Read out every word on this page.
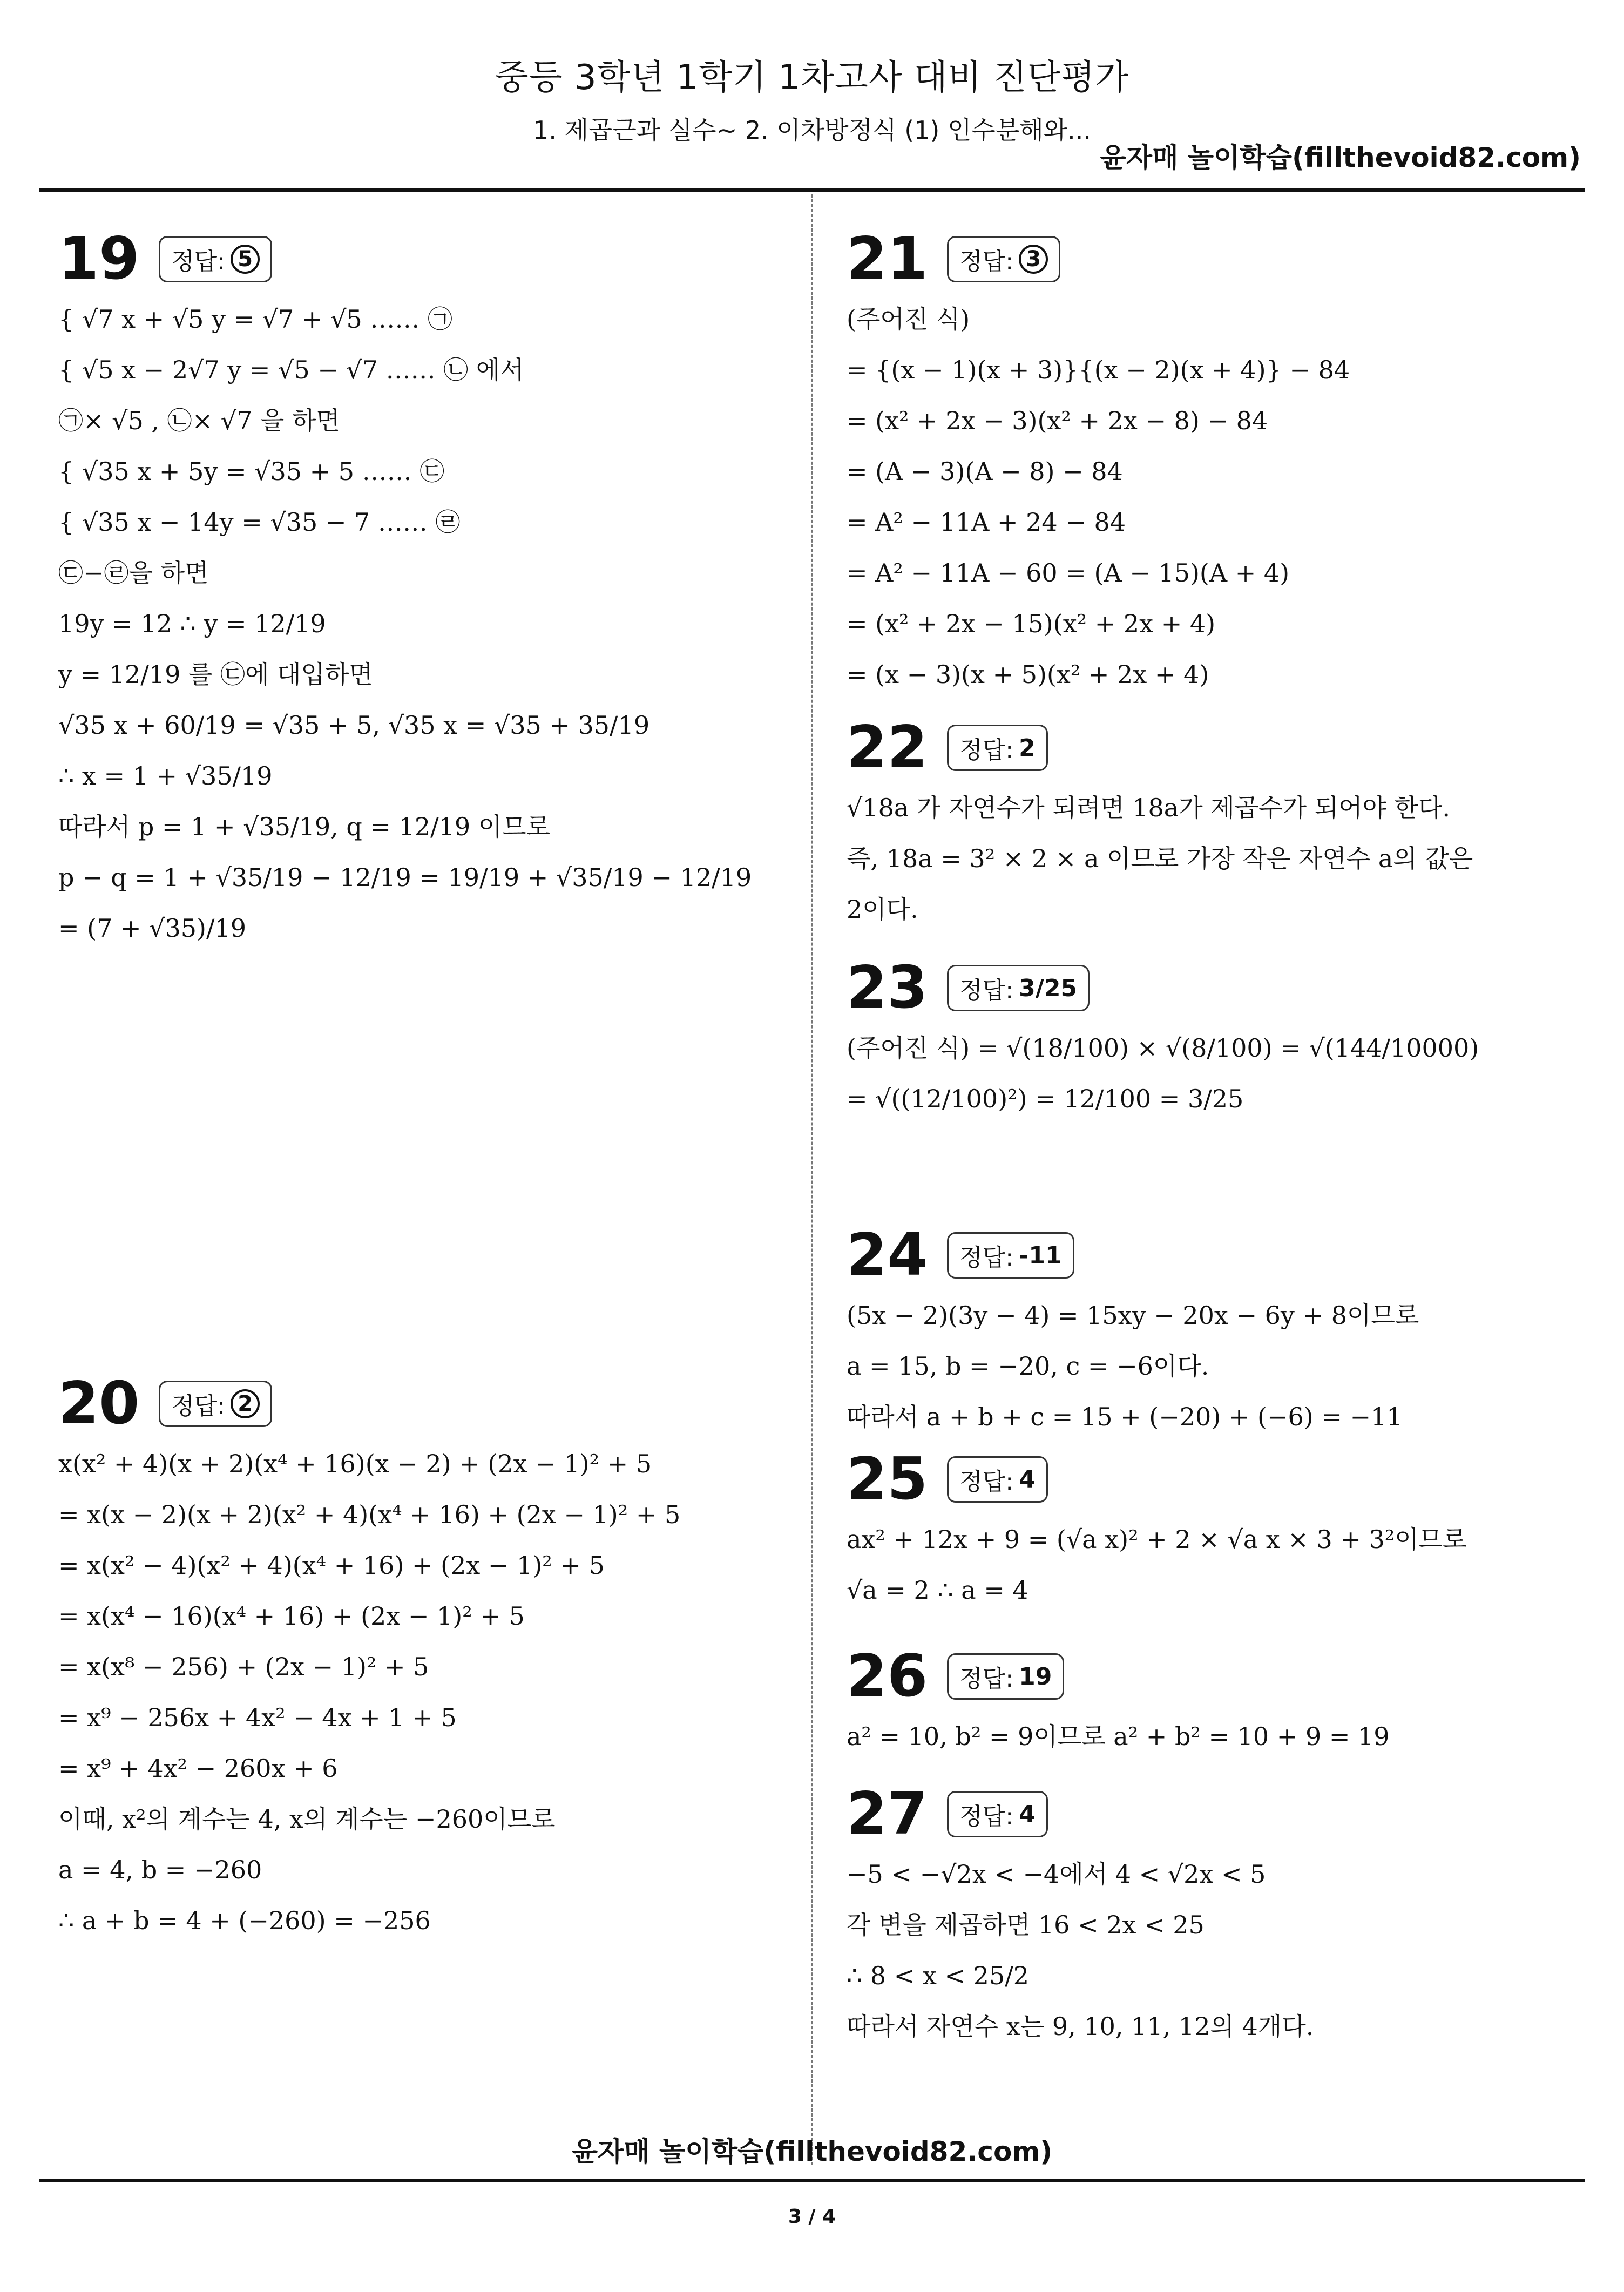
중등 3학년 1학기 1차고사 대비 진단평가
1. 제곱근과 실수~ 2. 이차방정식 (1) 인수분해와...
윤자매 놀이학습(fillthevoid82.com)
19 정답: 5
{ √7 x + √5 y = √7 + √5 …… ㉠
{ √5 x − 2√7 y = √5 − √7 …… ㉡ 에서
㉠× √5 , ㉡× √7 을 하면
{ √35 x + 5y = √35 + 5 …… ㉢
{ √35 x − 14y = √35 − 7 …… ㉣
㉢−㉣을 하면
19y = 12 ∴ y = 12/19
y = 12/19 를 ㉢에 대입하면
√35 x + 60/19 = √35 + 5, √35 x = √35 + 35/19
∴ x = 1 + √35/19
따라서 p = 1 + √35/19, q = 12/19 이므로
p − q = 1 + √35/19 − 12/19 = 19/19 + √35/19 − 12/19
= (7 + √35)/19
20 정답: 2
x(x² + 4)(x + 2)(x⁴ + 16)(x − 2) + (2x − 1)² + 5
= x(x − 2)(x + 2)(x² + 4)(x⁴ + 16) + (2x − 1)² + 5
= x(x² − 4)(x² + 4)(x⁴ + 16) + (2x − 1)² + 5
= x(x⁴ − 16)(x⁴ + 16) + (2x − 1)² + 5
= x(x⁸ − 256) + (2x − 1)² + 5
= x⁹ − 256x + 4x² − 4x + 1 + 5
= x⁹ + 4x² − 260x + 6
이때, x²의 계수는 4, x의 계수는 −260이므로
a = 4, b = −260
∴ a + b = 4 + (−260) = −256
21 정답: 3
(주어진 식)
= {(x − 1)(x + 3)}{(x − 2)(x + 4)} − 84
= (x² + 2x − 3)(x² + 2x − 8) − 84
= (A − 3)(A − 8) − 84
= A² − 11A + 24 − 84
= A² − 11A − 60 = (A − 15)(A + 4)
= (x² + 2x − 15)(x² + 2x + 4)
= (x − 3)(x + 5)(x² + 2x + 4)
22 정답: 2
√18a 가 자연수가 되려면 18a가 제곱수가 되어야 한다.
즉, 18a = 3² × 2 × a 이므로 가장 작은 자연수 a의 값은
2이다.
23 정답: 3/25
(주어진 식) = √(18/100) × √(8/100) = √(144/10000)
= √((12/100)²) = 12/100 = 3/25
24 정답: -11
(5x − 2)(3y − 4) = 15xy − 20x − 6y + 8이므로
a = 15, b = −20, c = −6이다.
따라서 a + b + c = 15 + (−20) + (−6) = −11
25 정답: 4
ax² + 12x + 9 = (√a x)² + 2 × √a x × 3 + 3²이므로
√a = 2 ∴ a = 4
26 정답: 19
a² = 10, b² = 9이므로 a² + b² = 10 + 9 = 19
27 정답: 4
−5 < −√2x < −4에서 4 < √2x < 5
각 변을 제곱하면 16 < 2x < 25
∴ 8 < x < 25/2
따라서 자연수 x는 9, 10, 11, 12의 4개다.
윤자매 놀이학습(fillthevoid82.com)
3 / 4
